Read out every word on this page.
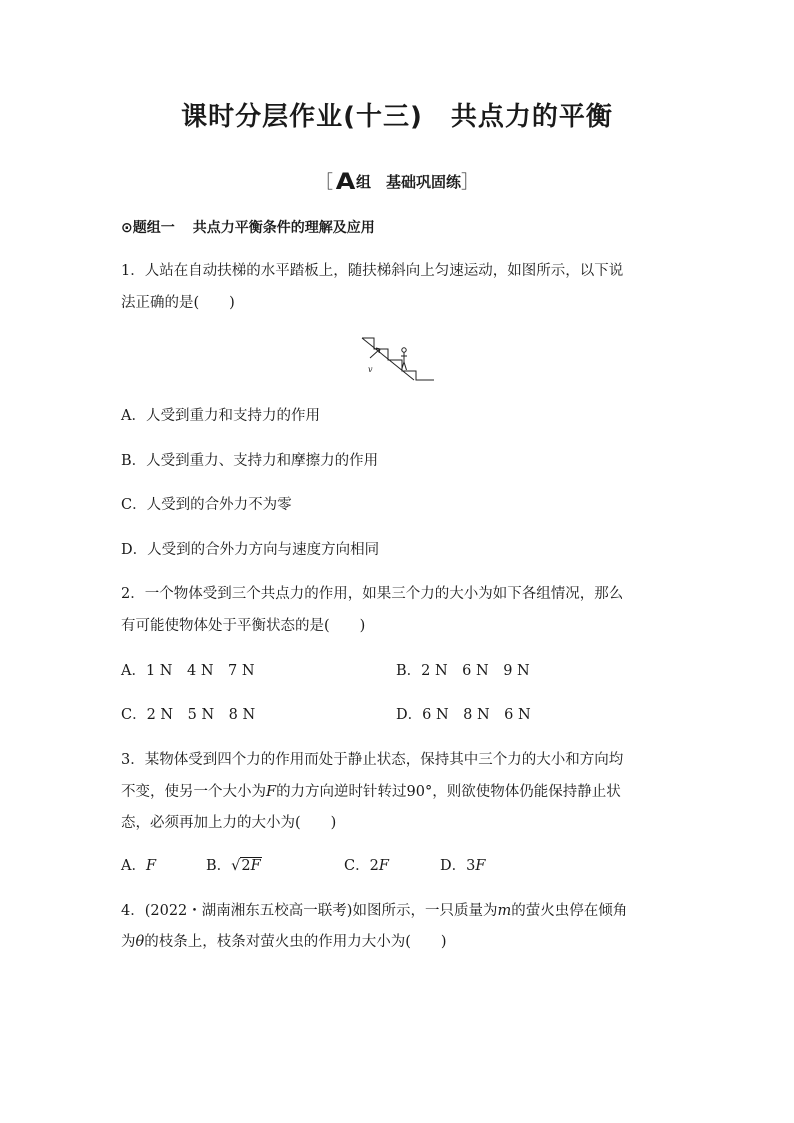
课时分层作业(十三) 共点力的平衡
［ A组　基础巩固练］
⊙题组一 共点力平衡条件的理解及应用
1．人站在自动扶梯的水平踏板上，随扶梯斜向上匀速运动，如图所示，以下说
法正确的是( )
v
A．人受到重力和支持力的作用
B．人受到重力、支持力和摩擦力的作用
C．人受到的合外力不为零
D．人受到的合外力方向与速度方向相同
2．一个物体受到三个共点力的作用，如果三个力的大小为如下各组情况，那么
有可能使物体处于平衡状态的是( )
A．1 N　4 N　7 N	B．2 N　6 N　9 N
C．2 N　5 N　8 N	D．6 N　8 N　6 N
3．某物体受到四个力的作用而处于静止状态，保持其中三个力的大小和方向均
不变，使另一个大小为F的力方向逆时针转过90°，则欲使物体仍能保持静止状
态，必须再加上力的大小为( )
A．F	B．√2F	C．2F	D．3F
4．(2022・湖南湘东五校高一联考)如图所示，一只质量为m的萤火虫停在倾角
为θ的枝条上，枝条对萤火虫的作用力大小为( )
